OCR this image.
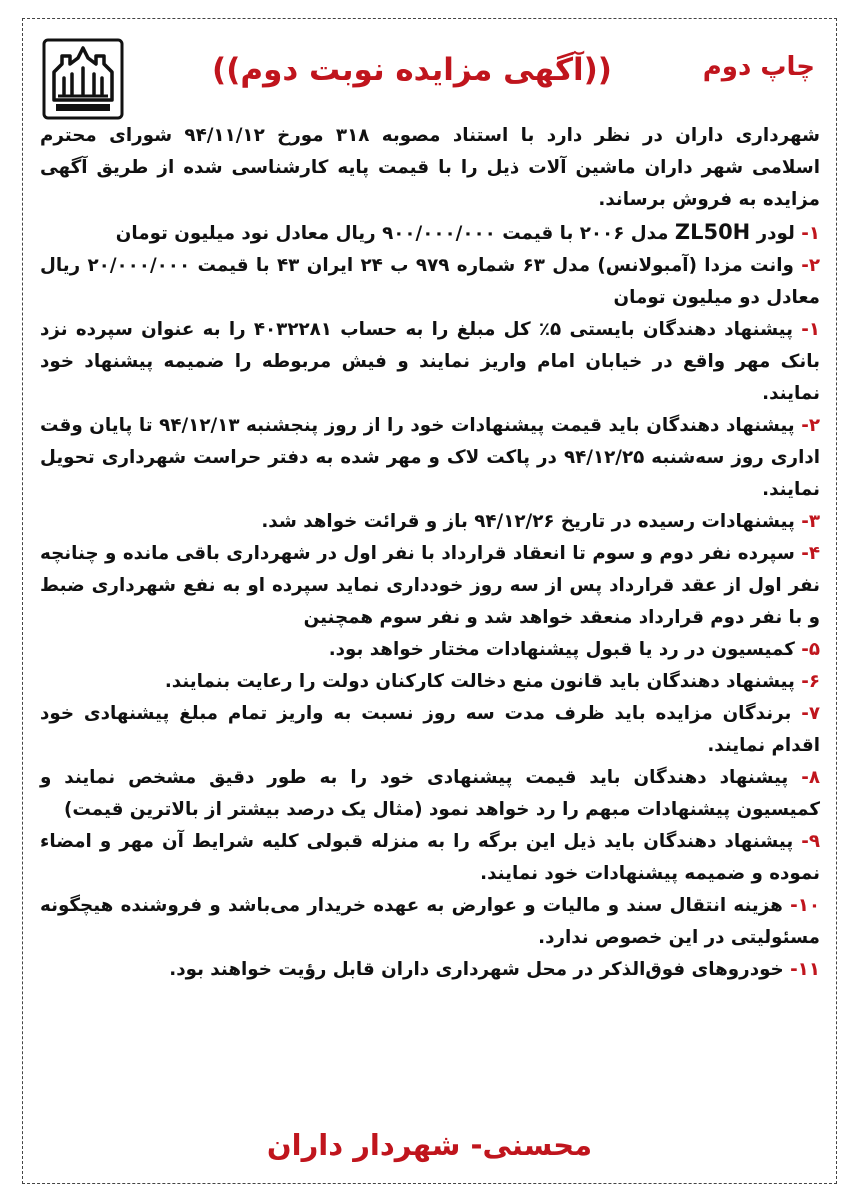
((آگهی مزایده نوبت دوم))	چاپ دوم

شهرداری داران در نظر دارد با استناد مصوبه ۳۱۸ مورخ ۹۴/۱۱/۱۲ شورای محترم اسلامی شهر داران ماشین آلات ذیل را با قیمت پایه کارشناسی شده از طریق آگهی مزایده به فروش برساند.

۱- لودر ZL50H مدل ۲۰۰۶ با قیمت ۹۰۰/۰۰۰/۰۰۰ ریال معادل نود میلیون تومان

۲- وانت مزدا (آمبولانس) مدل ۶۳ شماره ۹۷۹ ب ۲۴ ایران ۴۳ با قیمت ۲۰/۰۰۰/۰۰۰ ریال معادل دو میلیون تومان

۱- پیشنهاد دهندگان بایستی ۵٪ کل مبلغ را به حساب ۴۰۳۲۲۸۱ را به عنوان سپرده نزد بانک مهر واقع در خیابان امام واریز نمایند و فیش مربوطه را ضمیمه پیشنهاد خود نمایند.

۲- پیشنهاد دهندگان باید قیمت پیشنهادات خود را از روز پنجشنبه ۹۴/۱۲/۱۳ تا پایان وقت اداری روز سه‌شنبه ۹۴/۱۲/۲۵ در پاکت لاک و مهر شده به دفتر حراست شهرداری تحویل نمایند.

۳- پیشنهادات رسیده در تاریخ ۹۴/۱۲/۲۶ باز و قرائت خواهد شد.

۴- سپرده نفر دوم و سوم تا انعقاد قرارداد با نفر اول در شهرداری باقی مانده و چنانچه نفر اول از عقد قرارداد پس از سه روز خودداری نماید سپرده او به نفع شهرداری ضبط و با نفر دوم قرارداد منعقد خواهد شد و نفر سوم همچنین

۵- کمیسیون در رد یا قبول پیشنهادات مختار خواهد بود.

۶- پیشنهاد دهندگان باید قانون منع دخالت کارکنان دولت را رعایت بنمایند.

۷- برندگان مزایده باید ظرف مدت سه روز نسبت به واریز تمام مبلغ پیشنهادی خود اقدام نمایند.

۸- پیشنهاد دهندگان باید قیمت پیشنهادی خود را به طور دقیق مشخص نمایند و کمیسیون پیشنهادات مبهم را رد خواهد نمود (مثال یک درصد بیشتر از بالاترین قیمت)

۹- پیشنهاد دهندگان باید ذیل این برگه را به منزله قبولی کلیه شرایط آن مهر و امضاء نموده و ضمیمه پیشنهادات خود نمایند.

۱۰- هزینه انتقال سند و مالیات و عوارض به عهده خریدار می‌باشد و فروشنده هیچگونه مسئولیتی در این خصوص ندارد.

۱۱- خودروهای فوق‌الذکر در محل شهرداری داران قابل رؤیت خواهند بود.

محسنی- شهردار داران
